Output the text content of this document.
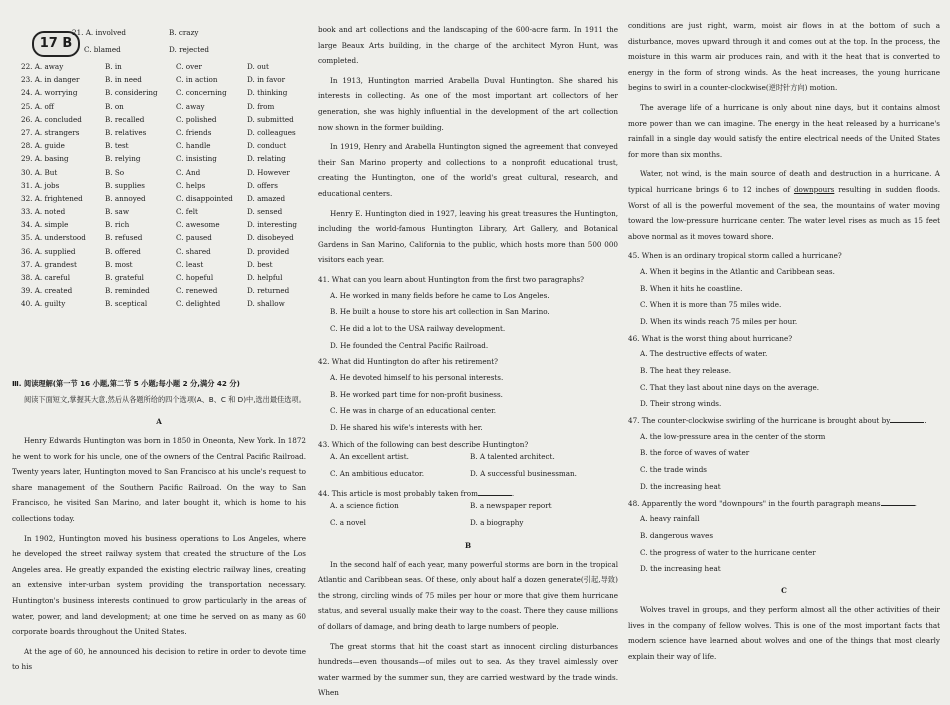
17 B
21. A. involved	B. crazy
C. blamed	D. rejected
22. A. away	B. in	C. over	D. out
23. A. in danger	B. in need	C. in action	D. in favor
24. A. worrying	B. considering	C. concerning	D. thinking
25. A. off	B. on	C. away	D. from
26. A. concluded	B. recalled	C. polished	D. submitted
27. A. strangers	B. relatives	C. friends	D. colleagues
28. A. guide	B. test	C. handle	D. conduct
29. A. basing	B. relying	C. insisting	D. relating
30. A. But	B. So	C. And	D. However
31. A. jobs	B. supplies	C. helps	D. offers
32. A. frightened	B. annoyed	C. disappointed D. amazed
33. A. noted	B. saw	C. felt	D. sensed
34. A. simple	B. rich	C. awesome	D. interesting
35. A. understood	B. refused	C. paused	D. disobeyed
36. A. supplied	B. offered	C. shared	D. provided
37. A. grandest	B. most	C. least	D. best
38. A. careful	B. grateful	C. hopeful	D. helpful
39. A. created	B. reminded	C. renewed	D. returned
40. A. guilty	B. sceptical	C. delighted	D. shallow
Ⅲ. 阅读理解(第一节 16 小题,第二节 5 小题;每小题 2 分,满分 42 分)
阅读下面短文,掌握其大意,然后从各题所给的四个选项(A、B、C 和 D)中,选出最佳选项。
A

Henry Edwards Huntington was born in 1850 in Oneonta, New York. In 1872 he went to work for his uncle, one of the owners of the Central Pacific Railroad. Twenty years later, Huntington moved to San Francisco at his uncle's request to share management of the Southern Pacific Railroad. On the way to San Francisco, he visited San Marino, and later bought it, which is home to his collections today.

In 1902, Huntington moved his business operations to Los Angeles, where he developed the street railway system that created the structure of the Los Angeles area. He greatly expanded the existing electric railway lines, creating an extensive inter-urban system providing the transportation necessary. Huntington's business interests continued to grow particularly in the areas of water, power, and land development; at one time he served on as many as 60 corporate boards throughout the United States.

At the age of 60, he announced his decision to retire in order to devote time to his

book and art collections and the landscaping of the 600-acre farm. In 1911 the large Beaux Arts building, in the charge of the architect Myron Hunt, was completed.

In 1913, Huntington married Arabella Duval Huntington. She shared his interests in collecting. As one of the most important art collectors of her generation, she was highly influential in the development of the art collection now shown in the former building.

In 1919, Henry and Arabella Huntington signed the agreement that conveyed their San Marino property and collections to a nonprofit educational trust, creating the Huntington, one of the world's great cultural, research, and educational centers.

Henry E. Huntington died in 1927, leaving his great treasures the Huntington, including the world-famous Huntington Library, Art Gallery, and Botanical Gardens in San Marino, California to the public, which hosts more than 500 000 visitors each year.

41. What can you learn about Huntington from the first two paragraphs?

A. He worked in many fields before he came to Los Angeles.

B. He built a house to store his art collection in San Marino.

C. He did a lot to the USA railway development.

D. He founded the Central Pacific Railroad.

42. What did Huntington do after his retirement?

A. He devoted himself to his personal interests.

B. He worked part time for non-profit business.

C. He was in charge of an educational center.

D. He shared his wife's interests with her.

43. Which of the following can best describe Huntington?

A. An excellent artist.	B. A talented architect.
C. An ambitious educator.	D. A successful businessman.

44. This article is most probably taken from	.

A. a science fiction	B. a newspaper report
C. a novel	D. a biography
B

In the second half of each year, many powerful storms are born in the tropical Atlantic and Caribbean seas. Of these, only about half a dozen generate(引起,导致) the strong, circling winds of 75 miles per hour or more that give them hurricane status, and several usually make their way to the coast. There they cause millions of dollars of damage, and bring death to large numbers of people.

The great storms that hit the coast start as innocent circling disturbances hundreds—even thousands—of miles out to sea. As they travel aimlessly over water warmed by the summer sun, they are carried westward by the trade winds. When

conditions are just right, warm, moist air flows in at the bottom of such a disturbance, moves upward through it and comes out at the top. In the process, the moisture in this warm air produces rain, and with it the heat that is converted to energy in the form of strong winds. As the heat increases, the young hurricane begins to swirl in a counter-clockwise(逆时针方向) motion.

The average life of a hurricane is only about nine days, but it contains almost more power than we can imagine. The energy in the heat released by a hurricane's rainfall in a single day would satisfy the entire electrical needs of the United States for more than six months.

Water, not wind, is the main source of death and destruction in a hurricane. A typical hurricane brings 6 to 12 inches of downpours resulting in sudden floods. Worst of all is the powerful movement of the sea, the mountains of water moving toward the low-pressure hurricane center. The water level rises as much as 15 feet above normal as it moves toward shore.

45. When is an ordinary tropical storm called a hurricane?

A. When it begins in the Atlantic and Caribbean seas.

B. When it hits he coastline.

C. When it is more than 75 miles wide.

D. When its winds reach 75 miles per hour.

46. What is the worst thing about hurricane?

A. The destructive effects of water.

B. The heat they release.

C. That they last about nine days on the average.

D. Their strong winds.

47. The counter-clockwise swirling of the hurricane is brought about by	.

A. the low-pressure area in the center of the storm

B. the force of waves of water

C. the trade winds

D. the increasing heat

48. Apparently the word "downpours" in the fourth paragraph means	.

A. heavy rainfall

B. dangerous waves

C. the progress of water to the hurricane center

D. the increasing heat

C

Wolves travel in groups, and they perform almost all the other activities of their lives in the company of fellow wolves. This is one of the most important facts that modern science have learned about wolves and one of the things that most clearly explain their way of life.
